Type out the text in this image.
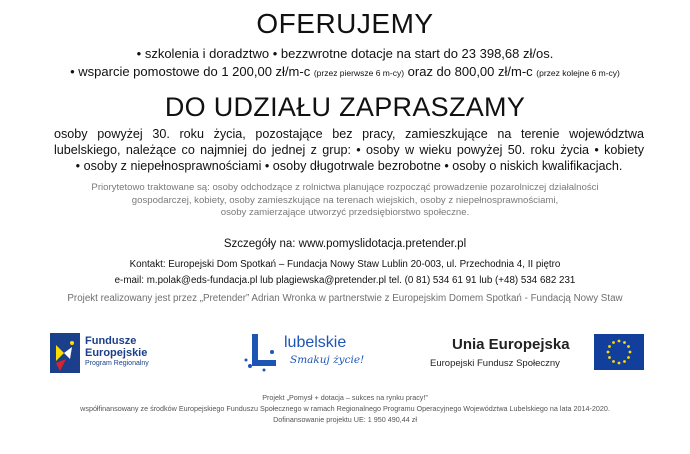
OFERUJEMY
• szkolenia i doradztwo • bezzwrotne dotacje na start do 23 398,68 zł/os.
• wsparcie pomostowe do 1 200,00 zł/m-c (przez pierwsze 6 m-cy) oraz do 800,00 zł/m-c (przez kolejne 6 m-cy)
DO UDZIAŁU ZAPRASZAMY
osoby powyżej 30. roku życia, pozostające bez pracy, zamieszkujące na terenie województwa
lubelskiego, należące co najmniej do jednej z grup: • osoby w wieku powyżej 50. roku życia • kobiety
• osoby z niepełnosprawnościami • osoby długotrwale bezrobotne • osoby o niskich kwalifikacjach.
Priorytetowo traktowane są: osoby odchodzące z rolnictwa planujące rozpocząć prowadzenie pozarolniczej działalności
gospodarczej, kobiety, osoby zamieszkujące na terenach wiejskich, osoby z niepełnosprawnościami,
osoby zamierzające utworzyć przedsiębiorstwo społeczne.
Szczegóły na: www.pomyslidotacja.pretender.pl
Kontakt: Europejski Dom Spotkań – Fundacja Nowy Staw Lublin 20-003, ul. Przechodnia 4, II piętro
e-mail: m.polak@eds-fundacja.pl lub plagiewska@pretender.pl tel. (0 81) 534 61 91 lub (+48) 534 682 231
Projekt realizowany jest przez „Pretender” Adrian Wronka w partnerstwie z Europejskim Domem Spotkań - Fundacją Nowy Staw
Fundusze
Europejskie
Program Regionalny
lubelskie
Smakuj życie!
Unia Europejska
Europejski Fundusz Społeczny
Projekt „Pomysł + dotacja – sukces na rynku pracy!”
współfinansowany ze środków Europejskiego Funduszu Społecznego w ramach Regionalnego Programu Operacyjnego Województwa Lubelskiego na lata 2014-2020.
Dofinansowanie projektu UE: 1 950 490,44 zł
